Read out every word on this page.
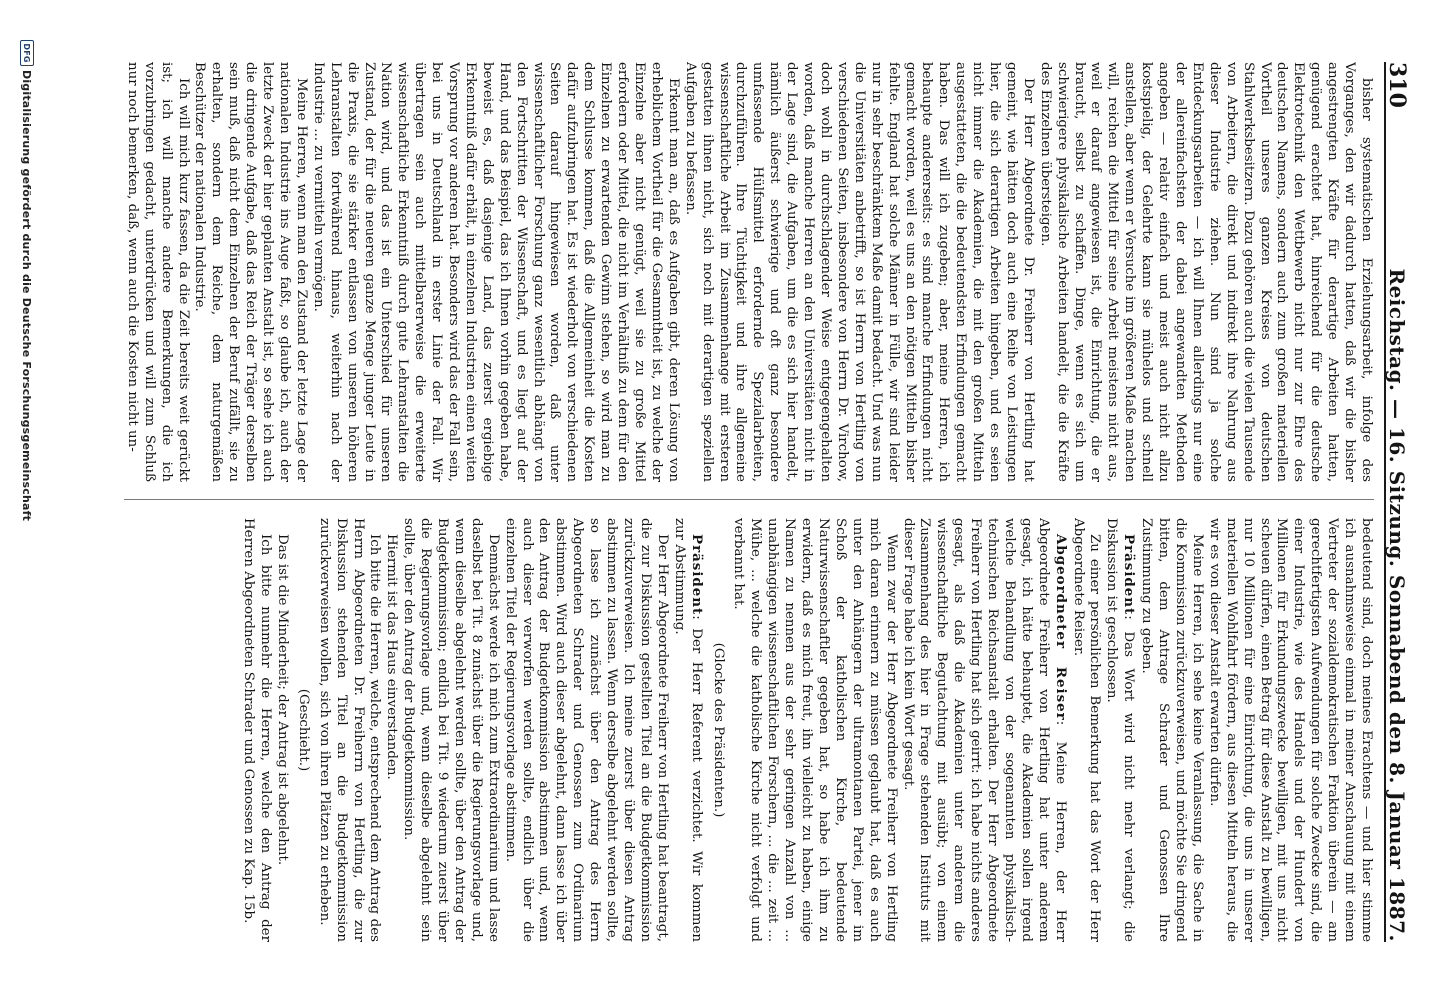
310
Reichstag. — 16. Sitzung. Sonnabend den 8. Januar 1887.

bisher systematischen Erziehungsarbeit, infolge des Vorganges, den wir dadurch hatten, daß wir die bisher angestrengten Kräfte für derartige Arbeiten hatten, genügend erachtet hat, hinreichend für die deutsche Elektrotechnik den Wettbewerb nicht nur zur Ehre des deutschen Namens, sondern auch zum großen materiellen Vortheil unseres ganzen Kreises von deutschen Stahlwerksbesitzern. Dazu gehören auch die vielen Tausende von Arbeitern, die direkt und indirekt ihre Nahrung aus dieser Industrie ziehen. Nun sind ja solche Entdeckungsarbeiten — ich will Ihnen allerdings nur eine der allereinfachsten der dabei angewandten Methoden angeben — relativ einfach und meist auch nicht allzu kostspielig, der Gelehrte kann sie mühelos und schnell anstellen, aber wenn er Versuche im größeren Maße machen will, reichen die Mittel für seine Arbeit meistens nicht aus, weil er darauf angewiesen ist, die Einrichtung, die er braucht, selbst zu schaffen. Dinge, wenn es sich um schwierigere physikalische Arbeiten handelt, die die Kräfte des Einzelnen übersteigen.

Der Herr Abgeordnete Dr. Freiherr von Hertling hat gemeint, wie hätten doch auch eine Reihe von Leistungen hier, die sich derartigen Arbeiten hingeben, und es seien nicht immer die Akademien, die mit den großen Mitteln ausgestatteten, die die bedeutendsten Erfindungen gemacht haben. Das will ich zugeben; aber, meine Herren, ich behaupte andererseits: es sind manche Erfindungen nicht gemacht worden, weil es uns an den nötigen Mitteln bisher fehlte. England hat solche Männer in Fülle, wir sind leider nur in sehr beschränktem Maße damit bedacht. Und was nun die Universitäten anbetrifft, so ist Herrn von Hertling von verschiedenen Seiten, insbesondere von Herrn Dr. Virchow, doch wohl in durchschlagender Weise entgegengehalten worden, daß manche Herren an den Universitäten nicht in der Lage sind, die Aufgaben, um die es sich hier handelt, nämlich äußerst schwierige und oft ganz besondere umfassende Hülfsmittel erfordernde Spezialarbeiten, durchzuführen. Ihre Tüchtigkeit und ihre allgemeine wissenschaftliche Arbeit im Zusammenhange mit ersteren gestatten ihnen nicht, sich noch mit derartigen speziellen Aufgaben zu befassen.

Erkennt man an, daß es Aufgaben gibt, deren Lösung von erheblichem Vortheil für die Gesammtheit ist, zu welche der Einzelne aber nicht genügt, weil sie zu große Mittel erfordern oder Mittel, die nicht im Verhältniß zu dem für den Einzelnen zu erwartenden Gewinn stehen, so wird man zu dem Schlusse kommen, daß die Allgemeinheit die Kosten dafür aufzubringen hat. Es ist wiederholt von verschiedenen Seiten darauf hingewiesen worden, daß unter wissenschaftlicher Forschung ganz wesentlich abhängt von den Fortschritten der Wissenschaft, und es liegt auf der Hand, und das Beispiel, das ich Ihnen vorhin gegeben habe, beweist es, daß dasjenige Land, das zuerst ergiebige Erkenntniß dafür erhält, in einzelnen Industrien einen weiten Vorsprung vor anderen hat. Besonders wird das der Fall sein, bei uns in Deutschland in erster Linie der Fall. Wir übertragen sein auch mittelbarerweise die erweiterte wissenschaftliche Erkenntniß durch gute Lehranstalten die Nation wird, und das ist ein Unterschied für unseren Zustand, der für die neueren ganze Menge junger Leute in die Praxis, die sie stärker entlassen von unseren höheren Lehranstalten fortwährend hinaus, weiterhin nach der Industrie ... zu vermitteln vermögen.

Meine Herren, wenn man den Zustand der letzte Lage der nationalen Industrie ins Auge faßt, so glaube ich, auch der letzte Zweck der hier geplanten Anstalt ist, so sehe ich auch die dringende Aufgabe, daß das Reich der Träger derselben sein muß, daß nicht dem Einzelnen der Beruf zufällt, sie zu erhalten, sondern dem Reiche, dem naturgemäßen Beschützer der nationalen Industrie.

Ich will mich kurz fassen, da die Zeit bereits weit gerückt ist; ich will manche andere Bemerkungen, die ich vorzubringen gedacht, unterdrücken und will zum Schluß nur noch bemerken, daß, wenn auch die Kosten nicht un-

bedeutend sind, doch meines Erachtens — und hier stimme ich ausnahmsweise einmal in meiner Anschauung mit einem Vertreter der sozialdemokratischen Fraktion überein — am gerechtfertigsten Aufwendungen für solche Zwecke sind, die einer Industrie, wie des Handels und der Hundert von Millionen für Erkundungszwecke bewilligen, mit uns nicht scheuen dürfen, einen Betrag für diese Anstalt zu bewilligen, nur 10 Millionen für eine Einrichtung, die uns in unserer materiellen Wohlfahrt fördern, aus diesen Mitteln heraus, die wir es von dieser Anstalt erwarten dürfen.

Meine Herren, ich sehe keine Veranlassung, die Sache in die Kommission zurückzuverweisen, und möchte Sie dringend bitten, dem Antrage Schrader und Genossen Ihre Zustimmung zu geben.

Präsident: Das Wort wird nicht mehr verlangt; die Diskussion ist geschlossen.

Zu einer persönlichen Bemerkung hat das Wort der Herr Abgeordnete Reiser.

Abgeordneter Reiser: Meine Herren, der Herr Abgeordnete Freiherr von Hertling hat unter anderem gesagt, ich hätte behauptet, die Akademien sollen irgend welche Behandlung von der sogenannten physikalisch-technischen Reichsanstalt erhalten. Der Herr Abgeordnete Freiherr von Hertling hat sich geirrt: ich habe nichts anderes gesagt, als daß die Akademien unter anderem die wissenschaftliche Begutachtung mit ausübt; von einem Zusammenhang des hier in Frage stehenden Instituts mit dieser Frage habe ich kein Wort gesagt.

Wenn zwar der Herr Abgeordnete Freiherr von Hertling mich daran erinnern zu müssen geglaubt hat, daß es auch unter den Anhängern der ultramontanen Partei, jener im Schoß der katholischen Kirche, bedeutende Naturwissenschaftler gegeben hat, so habe ich ihm zu erwidern, daß es mich freut, ihn vielleicht zu haben, einige Namen zu nennen aus der sehr geringen Anzahl von ... unabhängigen wissenschaftlichen Forschern, ... die ... zeit ... Mühe, ... welche die katholische Kirche nicht verfolgt und verbannt hat.

(Glocke des Präsidenten.)

Präsident: Der Herr Referent verzichtet. Wir kommen zur Abstimmung.

Der Herr Abgeordnete Freiherr von Hertling hat beantragt, die zur Diskussion gestellten Titel an die Budgetkommission zurückzuverweisen. Ich meine zuerst über diesen Antrag abstimmen zu lassen. Wenn derselbe abgelehnt werden sollte, so lasse ich zunächst über den Antrag des Herrn Abgeordneten Schrader und Genossen zum Ordinarium abstimmen. Wird auch dieser abgelehnt, dann lasse ich über den Antrag der Budgetkommission abstimmen und, wenn auch dieser verworfen werden sollte, endlich über die einzelnen Titel der Regierungsvorlage abstimmen.

Demnächst werde ich mich zum Extraordinarium und lasse daselbst bei Tit. 8 zunächst über die Regierungsvorlage und, wenn dieselbe abgelehnt werden sollte, über den Antrag der Budgetkommission; endlich bei Tit. 9 wiederum zuerst über die Regierungsvorlage und, wenn dieselbe abgelehnt sein sollte, über den Antrag der Budgetkommission.

Hiermit ist das Haus einverstanden.

Ich bitte die Herren, welche, entsprechend dem Antrag des Herrn Abgeordneten Dr. Freiherrn von Hertling, die zur Diskussion stehenden Titel an die Budgetkommission zurückverweisen wollen, sich von ihren Plätzen zu erheben.

(Geschieht.)

Das ist die Minderheit; der Antrag ist abgelehnt.

Ich bitte nunmehr die Herren, welche den Antrag der Herren Abgeordneten Schrader und Genossen zu Kap. 15b.

DFG
Digitalisierung gefördert durch die Deutsche Forschungsgemeinschaft
